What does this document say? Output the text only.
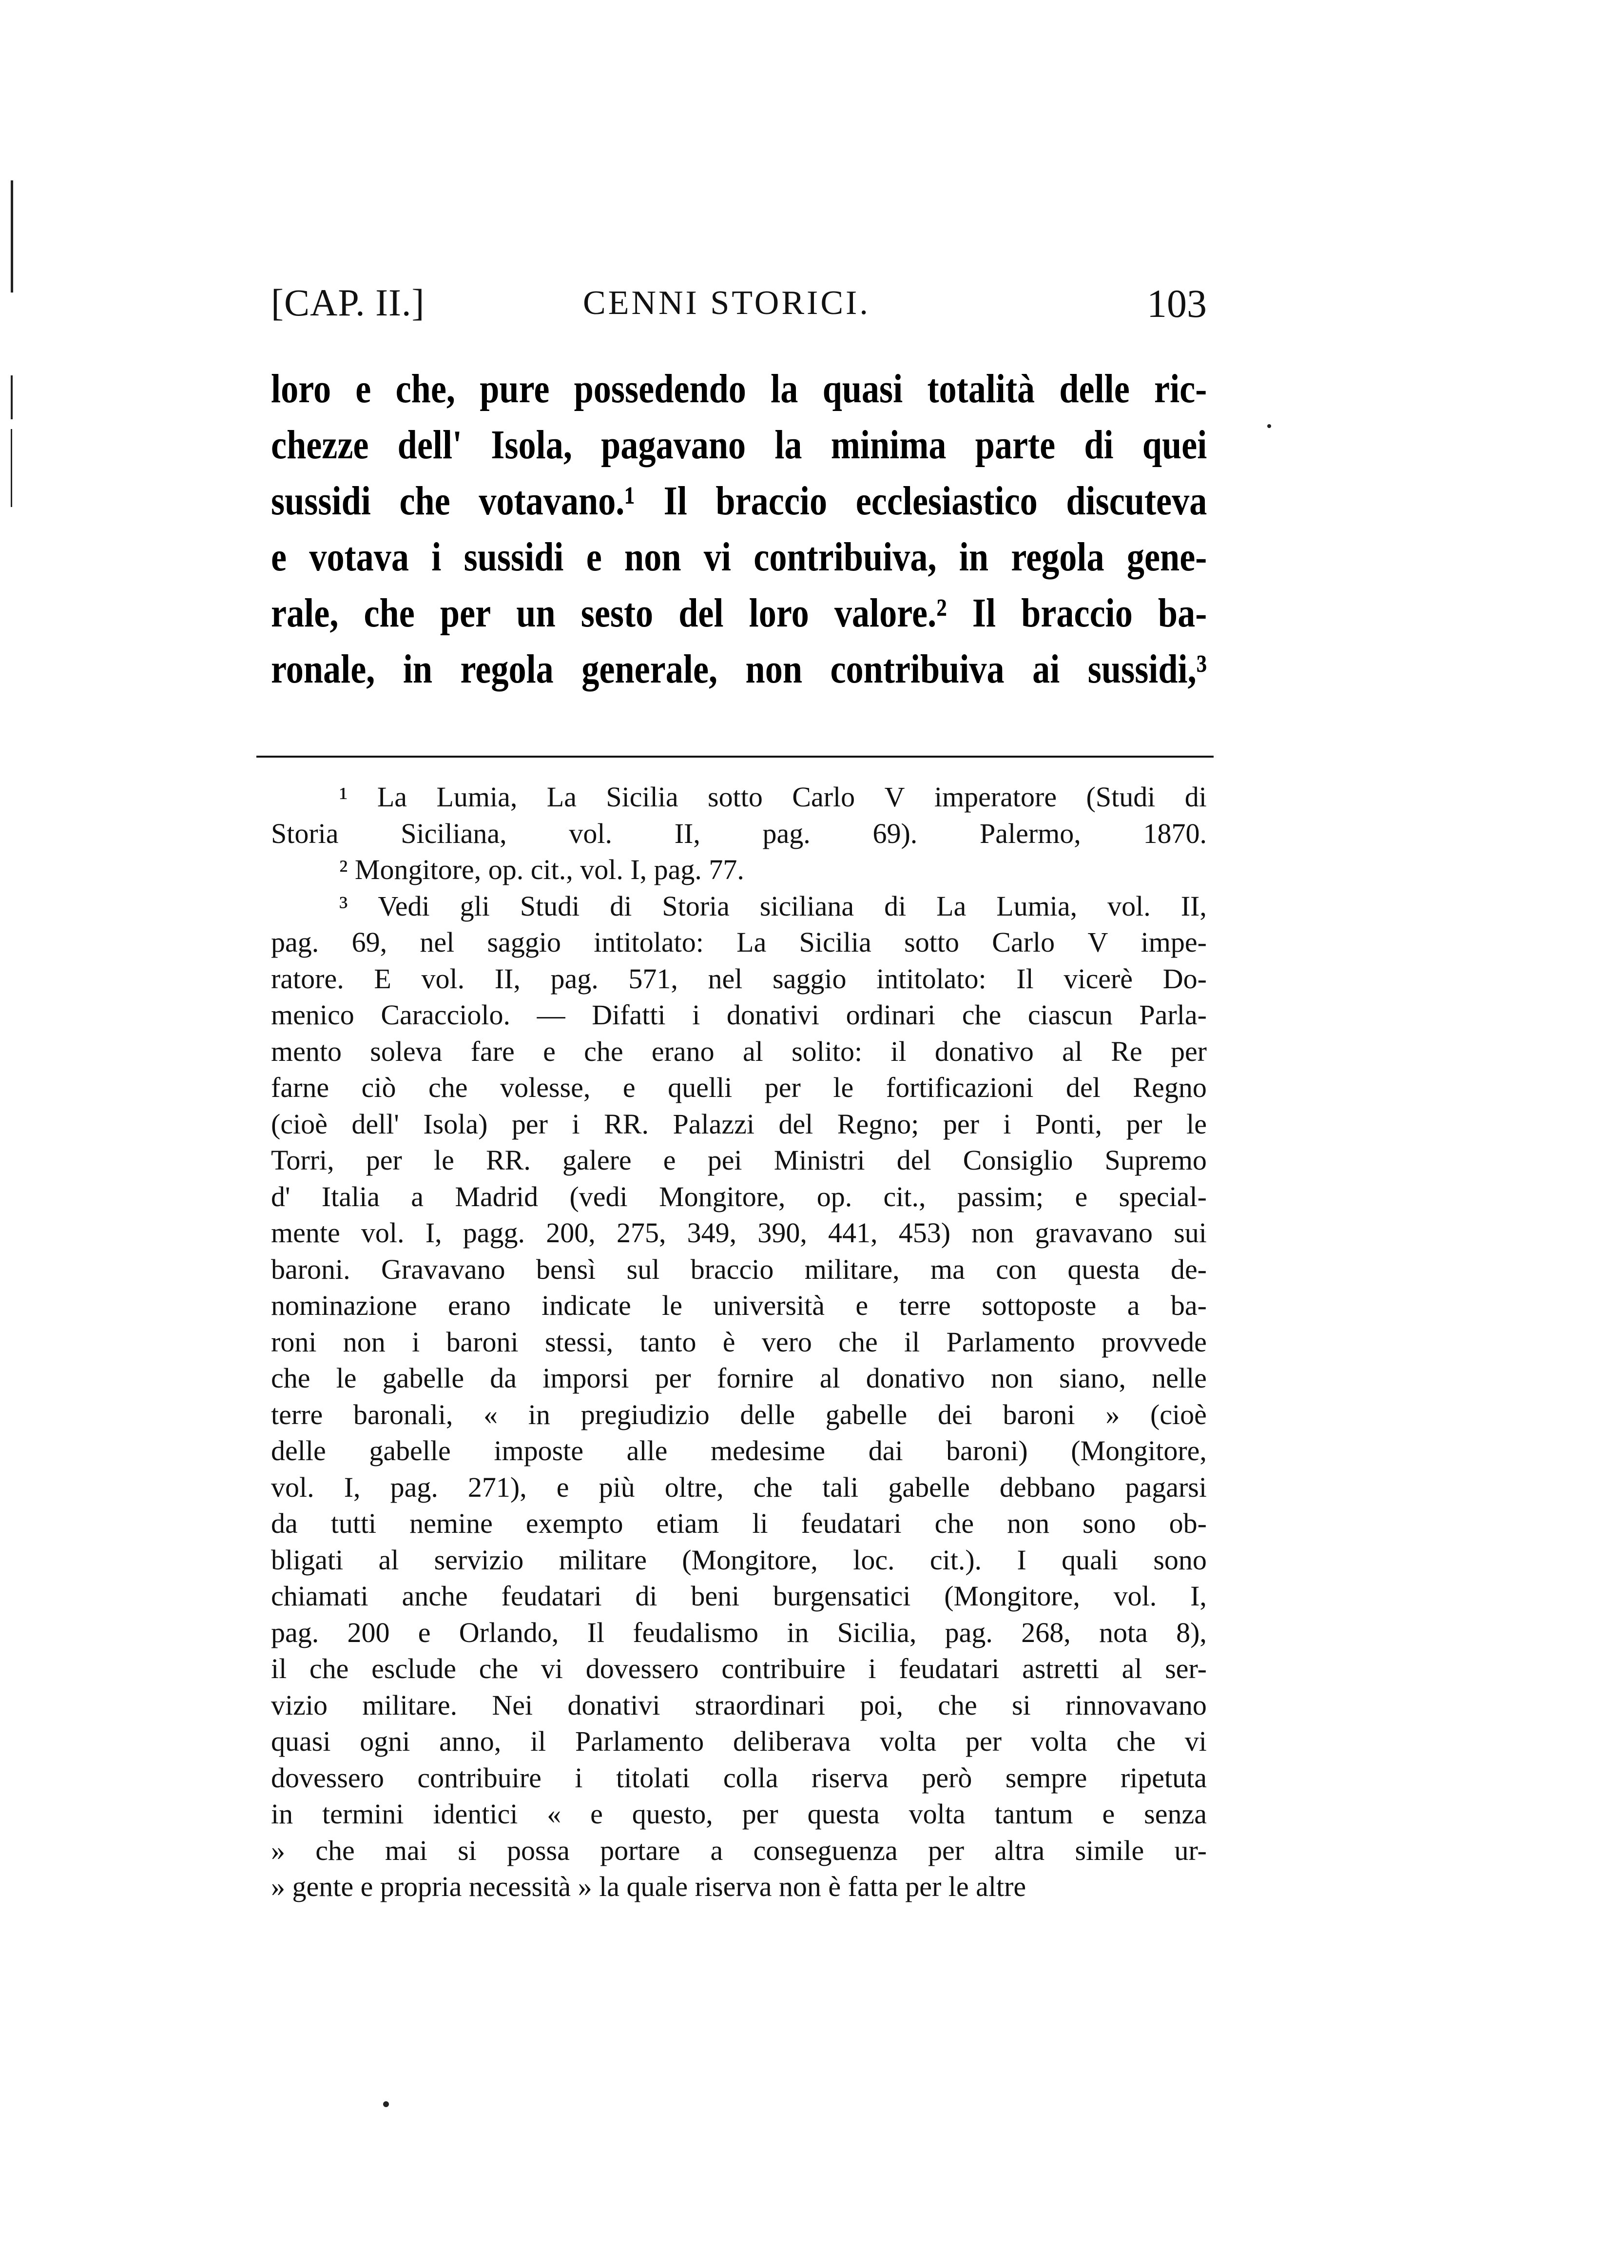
[CAP. II.]	CENNI STORICI.	103
loro e che, pure possedendo la quasi totalità delle ric-
chezze dell' Isola, pagavano la minima parte di quei
sussidi che votavano.¹ Il braccio ecclesiastico discuteva
e votava i sussidi e non vi contribuiva, in regola gene-
rale, che per un sesto del loro valore.² Il braccio ba-
ronale, in regola generale, non contribuiva ai sussidi,³
¹ La Lumia, La Sicilia sotto Carlo V imperatore (Studi di
Storia Siciliana, vol. II, pag. 69). Palermo, 1870.
² Mongitore, op. cit., vol. I, pag. 77.
³ Vedi gli Studi di Storia siciliana di La Lumia, vol. II,
pag. 69, nel saggio intitolato: La Sicilia sotto Carlo V impe-
ratore. E vol. II, pag. 571, nel saggio intitolato: Il vicerè Do-
menico Caracciolo. — Difatti i donativi ordinari che ciascun Parla-
mento soleva fare e che erano al solito: il donativo al Re per
farne ciò che volesse, e quelli per le fortificazioni del Regno
(cioè dell' Isola) per i RR. Palazzi del Regno; per i Ponti, per le
Torri, per le RR. galere e pei Ministri del Consiglio Supremo
d' Italia a Madrid (vedi Mongitore, op. cit., passim; e special-
mente vol. I, pagg. 200, 275, 349, 390, 441, 453) non gravavano sui
baroni. Gravavano bensì sul braccio militare, ma con questa de-
nominazione erano indicate le università e terre sottoposte a ba-
roni non i baroni stessi, tanto è vero che il Parlamento provvede
che le gabelle da imporsi per fornire al donativo non siano, nelle
terre baronali, « in pregiudizio delle gabelle dei baroni » (cioè
delle gabelle imposte alle medesime dai baroni) (Mongitore,
vol. I, pag. 271), e più oltre, che tali gabelle debbano pagarsi
da tutti nemine exempto etiam li feudatari che non sono ob-
bligati al servizio militare (Mongitore, loc. cit.). I quali sono
chiamati anche feudatari di beni burgensatici (Mongitore, vol. I,
pag. 200 e Orlando, Il feudalismo in Sicilia, pag. 268, nota 8),
il che esclude che vi dovessero contribuire i feudatari astretti al ser-
vizio militare. Nei donativi straordinari poi, che si rinnovavano
quasi ogni anno, il Parlamento deliberava volta per volta che vi
dovessero contribuire i titolati colla riserva però sempre ripetuta
in termini identici « e questo, per questa volta tantum e senza
» che mai si possa portare a conseguenza per altra simile ur-
» gente e propria necessità » la quale riserva non è fatta per le altre
